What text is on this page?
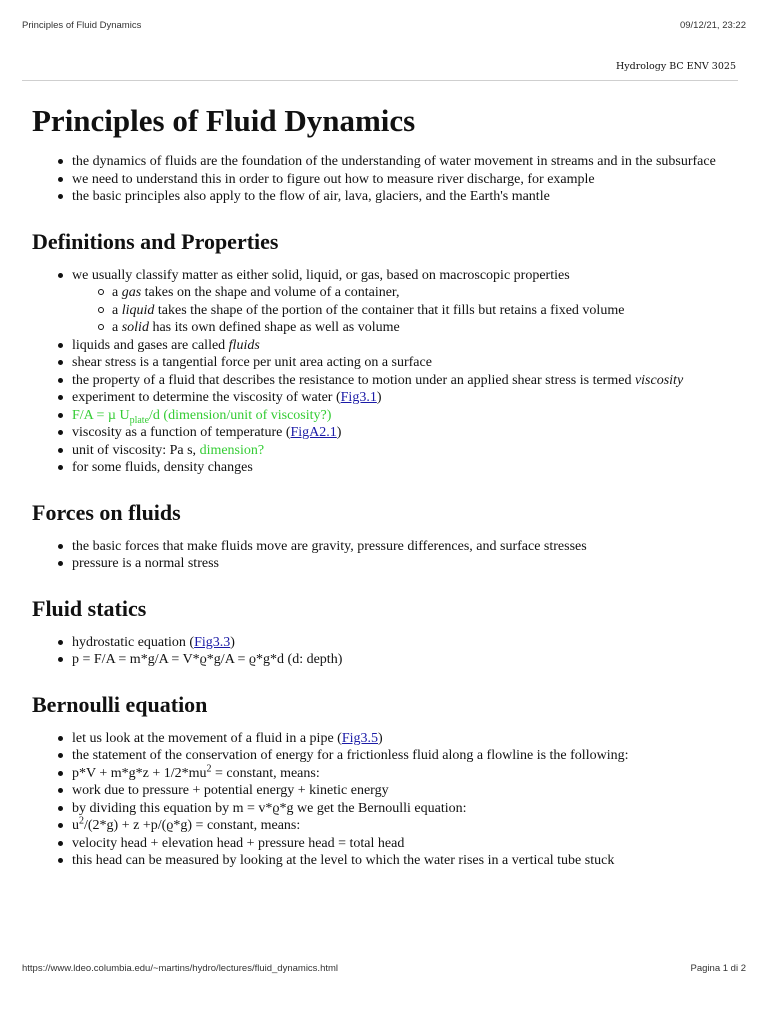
Principles of Fluid Dynamics	09/12/21, 23:22
Hydrology BC ENV 3025
Principles of Fluid Dynamics
the dynamics of fluids are the foundation of the understanding of water movement in streams and in the subsurface
we need to understand this in order to figure out how to measure river discharge, for example
the basic principles also apply to the flow of air, lava, glaciers, and the Earth's mantle
Definitions and Properties
we usually classify matter as either solid, liquid, or gas, based on macroscopic properties
a gas takes on the shape and volume of a container,
a liquid takes the shape of the portion of the container that it fills but retains a fixed volume
a solid has its own defined shape as well as volume
liquids and gases are called fluids
shear stress is a tangential force per unit area acting on a surface
the property of a fluid that describes the resistance to motion under an applied shear stress is termed viscosity
experiment to determine the viscosity of water (Fig3.1)
F/A = µ $U_{plate}/d$ (dimension/unit of viscosity?)
viscosity as a function of temperature (FigA2.1)
unit of viscosity: Pa s, dimension?
for some fluids, density changes
Forces on fluids
the basic forces that make fluids move are gravity, pressure differences, and surface stresses
pressure is a normal stress
Fluid statics
hydrostatic equation (Fig3.3)
p = F/A = m*g/A = V*ϱ*g/A = ϱ*g*d (d: depth)
Bernoulli equation
let us look at the movement of a fluid in a pipe (Fig3.5)
the statement of the conservation of energy for a frictionless fluid along a flowline is the following:
$p*V + m*g*z + 1/2*mu^2$ = constant, means:
work due to pressure + potential energy + kinetic energy
by dividing this equation by m = v*ϱ*g we get the Bernoulli equation:
$u^2/(2*g) + z +p/(ϱ*g)$ = constant, means:
velocity head + elevation head + pressure head = total head
this head can be measured by looking at the level to which the water rises in a vertical tube stuck
https://www.ldeo.columbia.edu/~martins/hydro/lectures/fluid_dynamics.html	Pagina 1 di 2
